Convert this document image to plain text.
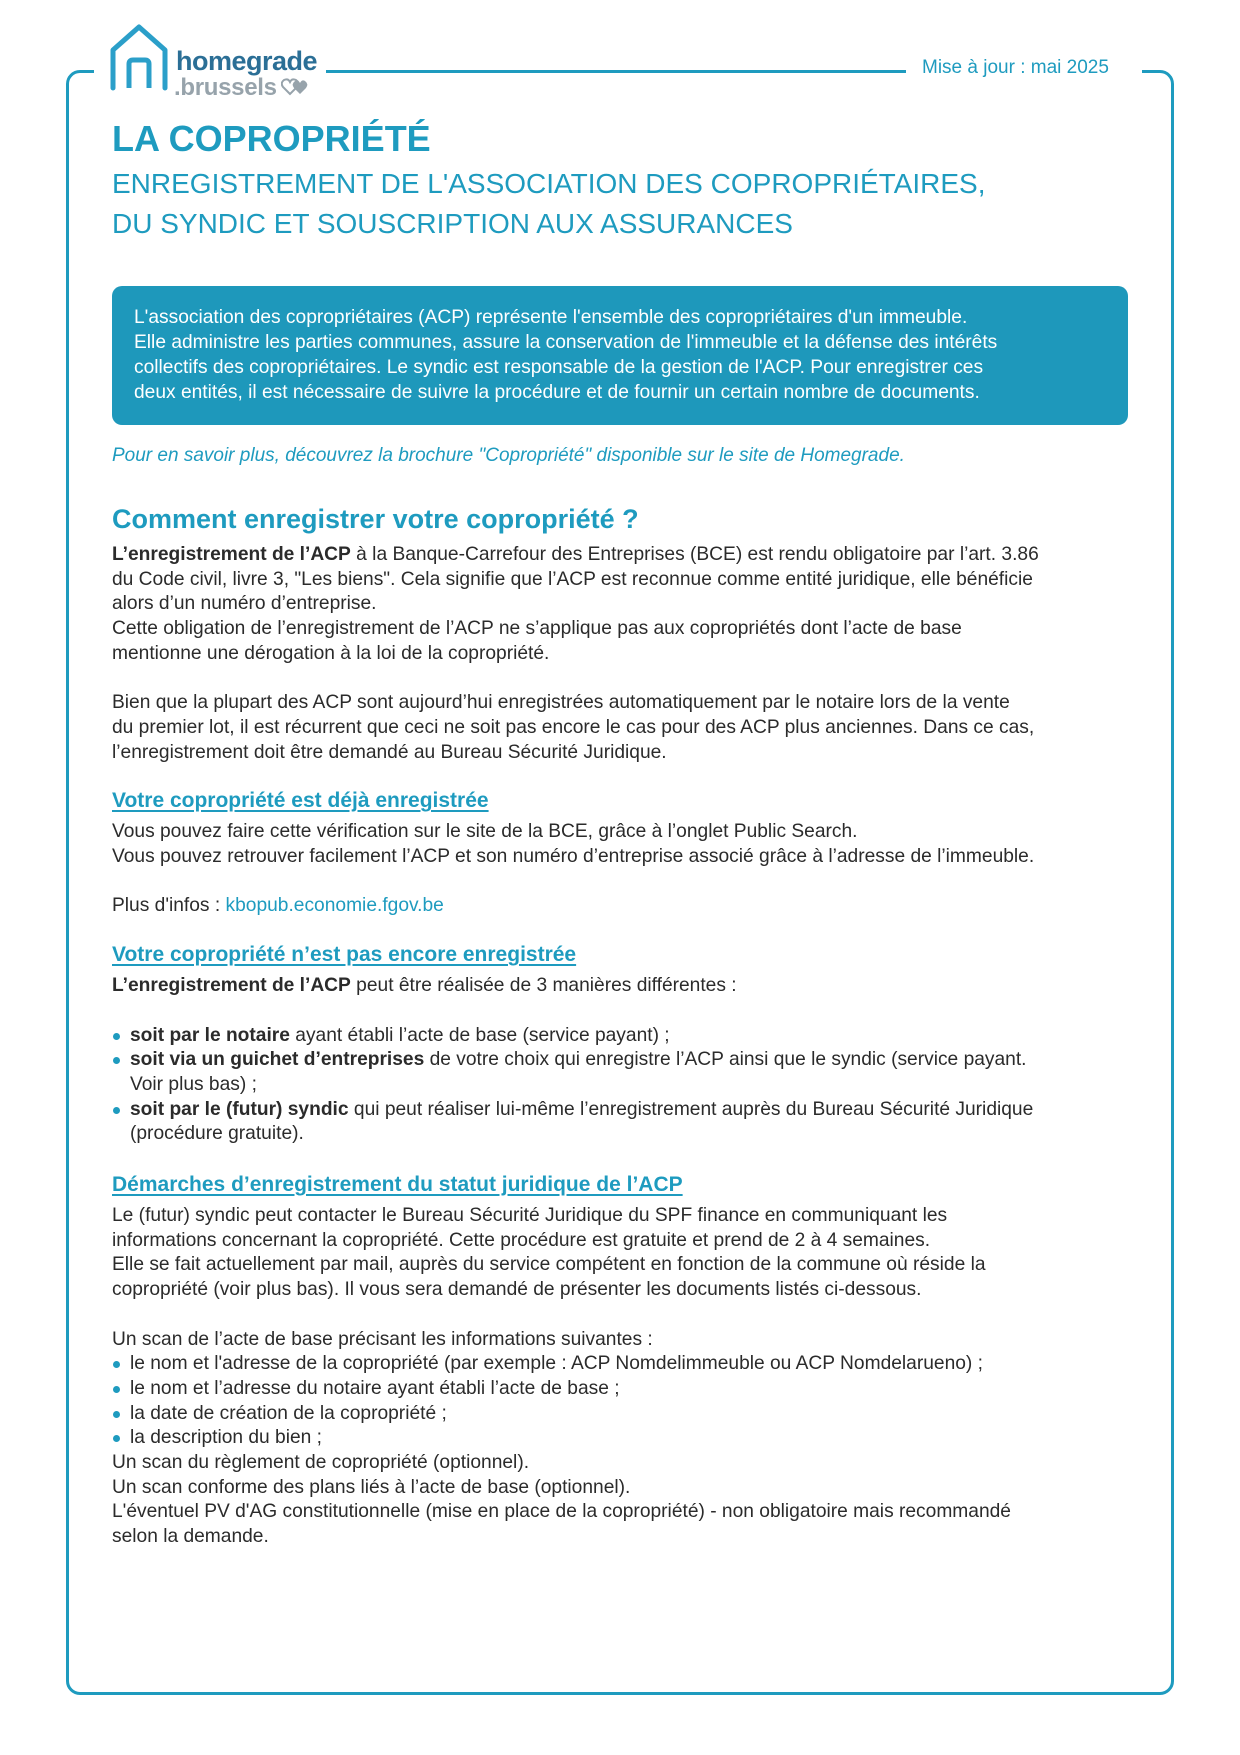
homegrade
.brussels
Mise à jour : mai 2025
LA COPROPRIÉTÉ
ENREGISTREMENT DE L'ASSOCIATION DES COPROPRIÉTAIRES,
DU SYNDIC ET SOUSCRIPTION AUX ASSURANCES
L'association des copropriétaires (ACP) représente l'ensemble des copropriétaires d'un immeuble.
Elle administre les parties communes, assure la conservation de l'immeuble et la défense des intérêts
collectifs des copropriétaires. Le syndic est responsable de la gestion de l'ACP. Pour enregistrer ces
deux entités, il est nécessaire de suivre la procédure et de fournir un certain nombre de documents.
Pour en savoir plus, découvrez la brochure "Copropriété" disponible sur le site de Homegrade.
Comment enregistrer votre copropriété ?

L’enregistrement de l’ACP à la Banque-Carrefour des Entreprises (BCE) est rendu obligatoire par l’art. 3.86

du Code civil, livre 3, "Les biens". Cela signifie que l’ACP est reconnue comme entité juridique, elle bénéficie

alors d’un numéro d’entreprise.

Cette obligation de l’enregistrement de l’ACP ne s’applique pas aux copropriétés dont l’acte de base

mentionne une dérogation à la loi de la copropriété.

Bien que la plupart des ACP sont aujourd’hui enregistrées automatiquement par le notaire lors de la vente

du premier lot, il est récurrent que ceci ne soit pas encore le cas pour des ACP plus anciennes. Dans ce cas,

l’enregistrement doit être demandé au Bureau Sécurité Juridique.

Votre copropriété est déjà enregistrée

Vous pouvez faire cette vérification sur le site de la BCE, grâce à l’onglet Public Search.

Vous pouvez retrouver facilement l’ACP et son numéro d’entreprise associé grâce à l’adresse de l’immeuble.

Plus d'infos : kbopub.economie.fgov.be

Votre copropriété n’est pas encore enregistrée

L’enregistrement de l’ACP peut être réalisée de 3 manières différentes :

soit par le notaire ayant établi l’acte de base (service payant) ;
soit via un guichet d’entreprises de votre choix qui enregistre l’ACP ainsi que le syndic (service payant.
Voir plus bas) ;
soit par le (futur) syndic qui peut réaliser lui-même l’enregistrement auprès du Bureau Sécurité Juridique
(procédure gratuite).
Démarches d’enregistrement du statut juridique de l’ACP

Le (futur) syndic peut contacter le Bureau Sécurité Juridique du SPF finance en communiquant les

informations concernant la copropriété. Cette procédure est gratuite et prend de 2 à 4 semaines.

Elle se fait actuellement par mail, auprès du service compétent en fonction de la commune où réside la

copropriété (voir plus bas). Il vous sera demandé de présenter les documents listés ci-dessous.

Un scan de l’acte de base précisant les informations suivantes :

le nom et l'adresse de la copropriété (par exemple : ACP Nomdelimmeuble ou ACP Nomdelarueno) ;
le nom et l’adresse du notaire ayant établi l’acte de base ;
la date de création de la copropriété ;
la description du bien ;

Un scan du règlement de copropriété (optionnel).

Un scan conforme des plans liés à l’acte de base (optionnel).

L'éventuel PV d'AG constitutionnelle (mise en place de la copropriété) - non obligatoire mais recommandé

selon la demande.
